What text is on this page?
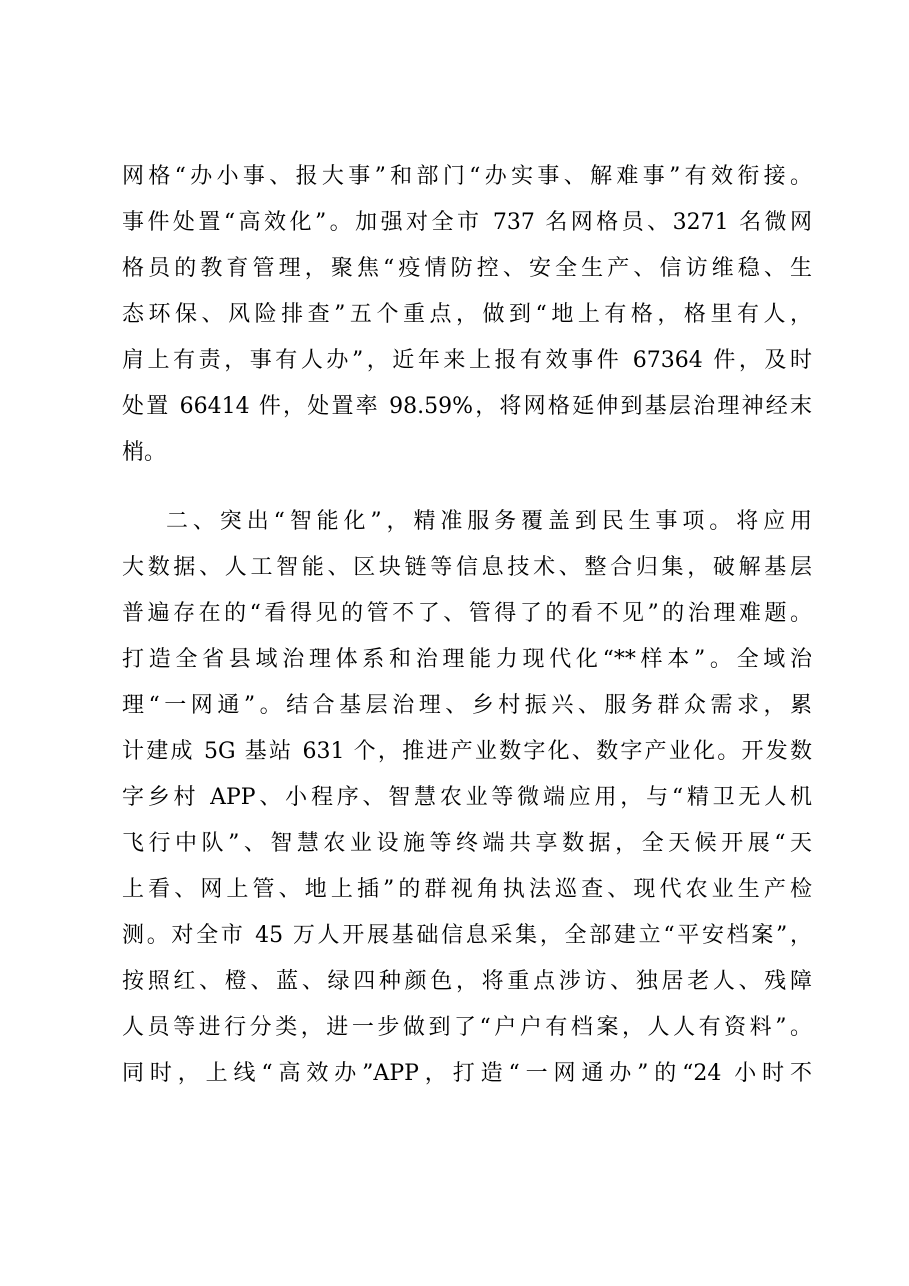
网格“办小事、报大事”和部门“办实事、解难事”有效衔接。
事件处置“高效化”。加强对全市 737 名网格员、3271 名微网
格员的教育管理，聚焦“疫情防控、安全生产、信访维稳、生
态环保、风险排查”五个重点，做到“地上有格，格里有人，
肩上有责，事有人办”，近年来上报有效事件 67364 件，及时
处置 66414 件，处置率 98.59%，将网格延伸到基层治理神经末
梢。
二、突出“智能化”，精准服务覆盖到民生事项。将应用
大数据、人工智能、区块链等信息技术、整合归集，破解基层
普遍存在的“看得见的管不了、管得了的看不见”的治理难题。
打造全省县域治理体系和治理能力现代化“**样本”。全域治
理“一网通”。结合基层治理、乡村振兴、服务群众需求，累
计建成 5G 基站 631 个，推进产业数字化、数字产业化。开发数
字乡村 APP、小程序、智慧农业等微端应用，与“精卫无人机
飞行中队”、智慧农业设施等终端共享数据，全天候开展“天
上看、网上管、地上插”的群视角执法巡查、现代农业生产检
测。对全市 45 万人开展基础信息采集，全部建立“平安档案”，
按照红、橙、蓝、绿四种颜色，将重点涉访、独居老人、残障
人员等进行分类，进一步做到了“户户有档案，人人有资料”。
同时，上线“高效办”APP，打造“一网通办”的“24 小时不
